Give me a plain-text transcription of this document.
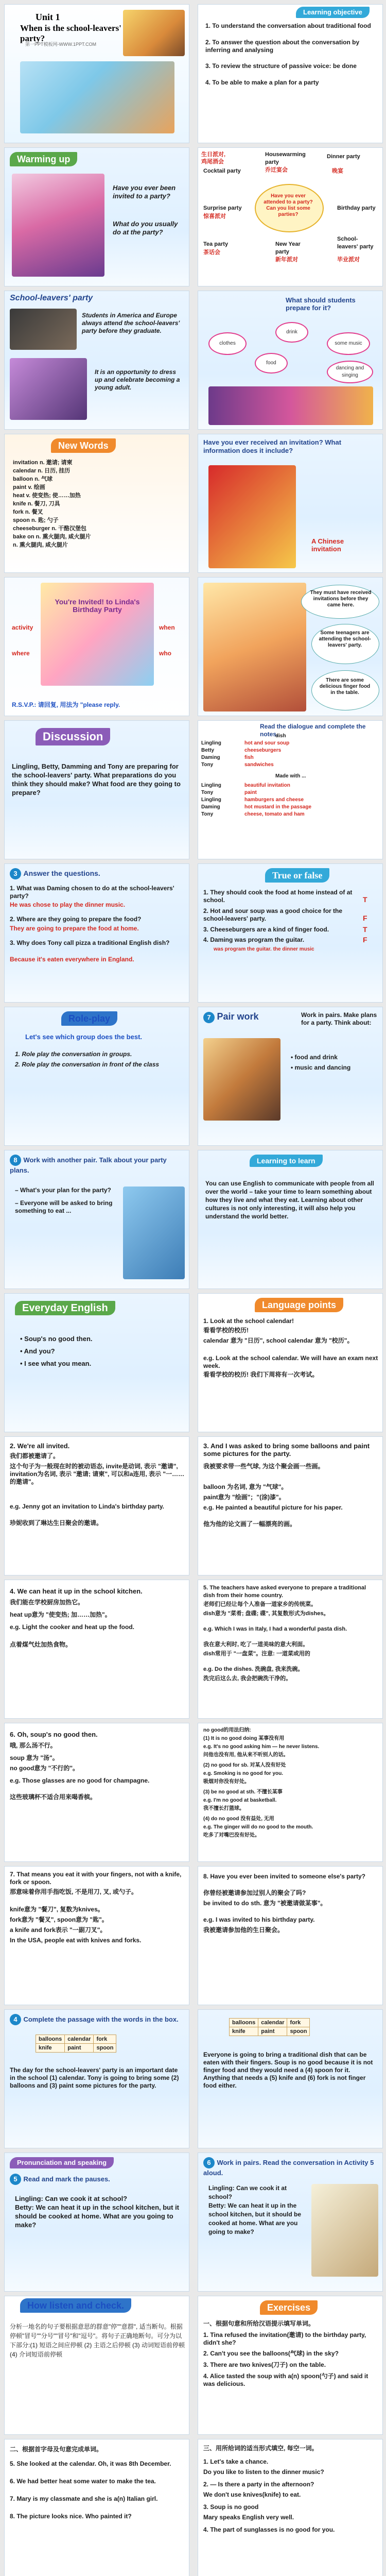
Unit 1
When is the school-leavers' party?
第一PPT模板网-WWW.1PPT.COM
Learning objective
1. To understand the conversation about traditional food
2. To answer the question about the conversation by inferring and analysing
3. To review the structure of passive voice: be done
4. To be able to make a plan for a party
Warming up
Have you ever been invited to a party?
What do you usually do at the party?
生日派对,
鸡尾酒会
Housewarming party
乔迁宴会
Dinner party
晚宴
Cocktail party
Have you ever attended to a party? Can you list some parties?
Surprise party
惊喜派对
Birthday party
Tea party
茶话会
New Year party
新年派对
School-leavers' party
毕业派对
School-leavers' party
Students in America and Europe always attend the school-leavers' party before they graduate.
It is an opportunity to dress up and celebrate becoming a young adult.
What should students prepare for it?
clothes
drink
some music
food
dancing and singing
New Words
invitation n. 邀请; 请柬
calendar n. 日历, 挂历
balloon n. 气球
paint v. 绘画
heat v. 使变热; 使……加热
knife n. 餐刀, 刀具
fork n. 餐叉
spoon n. 匙; 勺子
cheeseburger n. 干酪汉堡包
bake on n. 熏火腿肉, 咸火腿片
n. 熏火腿肉, 咸火腿片
Have you ever received an invitation? What information does it include?
A Chinese invitation
You're Invited! to Linda's Birthday Party
activity
where
when
who
R.S.V.P.: 请回复, 用法为 "please reply.
They must have received invitations before they came here.
Some teenagers are attending the school-leavers' party.
There are some delicious finger food in the table.
Discussion
Lingling, Betty, Damming and Tony are preparing for the school-leavers' party. What preparations do you think they should make? What food are they going to prepare?
Read the dialogue and complete the notes.
dish
Lingling	hot and sour soup
Betty	cheeseburgers
Daming	fish
Tony	sandwiches
Made with ...
Lingling	beautiful invitation
Tony	paint
Lingling	hamburgers and cheese
Daming	hot mustard in the passage
Tony	cheese, tomato and ham
3 Answer the questions.
1. What was Daming chosen to do at the school-leavers' party?
He was chose to play the dinner music.
2. Where are they going to prepare the food?
They are going to prepare the food at home.
3. Why does Tony call pizza a traditional English dish?
Because it's eaten everywhere in England.
True or false
1. They should cook the food at home instead of at school.	T
2. Hot and sour soup was a good choice for the school-leavers' party.	F
3. Cheeseburgers are a kind of finger food.	T
4. Daming was program the guitar.	F
was program the guitar. the dinner music
Role-play
Let's see which group does the best.
1. Role play the conversation in groups.
2. Role play the conversation in front of the class
7 Pair work	Work in pairs. Make plans for a party. Think about:
• food and drink
• music and dancing
8 Work with another pair. Talk about your party plans.
– What's your plan for the party?
– Everyone will be asked to bring something to eat ...
Learning to learn
You can use English to communicate with people from all over the world – take your time to learn something about how they live and what they eat. Learning about other cultures is not only interesting, it will also help you understand the world better.
Everyday English
• Soup's no good then.
• And you?
• I see what you mean.
Language points
1. Look at the school calendar!
看看学校的校历!
calendar 意为 "日历", school calendar 意为 "校历"。
e.g. Look at the school calendar. We will have an exam next week.
看看学校的校历! 我们下周将有一次考试。
2. We're all invited.
我们都被邀请了。
这个句子为一般现在时的被动语态, invite是动词, 表示 "邀请", invitation为名词, 表示 "邀请; 请柬", 可以和a连用, 表示 "一……的邀请"。
e.g. Jenny got an invitation to Linda's birthday party.
珍妮收到了琳达生日聚会的邀请。
3. And I was asked to bring some balloons and paint some pictures for the party.
我被要求带一些气球, 为这个聚会画一些画。
balloon 为名词, 意为 "气球"。
paint意为 "绘画"；"(涂)漆"。
e.g. He painted a beautiful picture for his paper.
他为他的论文画了一幅漂亮的画。
4. We can heat it up in the school kitchen.
我们能在学校厨房加热它。
heat up意为 "使变热; 加……加热"。
e.g. Light the cooker and heat up the food.
点着煤气灶加热食物。
5. The teachers have asked everyone to prepare a traditional dish from their home country.
老师们已经让每个人准备一道家乡的传统菜。
dish意为 "菜肴; 盘碟; 碟", 其复数形式为dishes。
e.g. Which I was in Italy, I had a wonderful pasta dish.
我在意大利时, 吃了一道美味的意大利面。
dish常用于 "一盘菜"。注意: 一道菜或用的
e.g. Do the dishes. 洗碗盘, 我来洗碗。
洗完后这么去, 我会把碗洗干净的。
6. Oh, soup's no good then.
哦, 那么汤不行。
soup 意为 "汤"。
no good意为 "不行的"。
e.g. Those glasses are no good for champagne.
这些玻璃杯不适合用来喝香槟。
no good的用法归纳:
(1) It is no good doing 某事没有用
e.g. It's no good asking him — he never listens.
问他也没有用, 他从来不听别人的话。
(2) no good for sb. 对某人没有好处
e.g. Smoking is no good for you.
吸烟对你没有好处。
(3) be no good at sth. 不擅长某事
e.g. I'm no good at basketball.
我不擅长打篮球。
(4) do no good 没有益处, 无用
e.g. The ginger will do no good to the mouth.
吃多了对嘴巴没有好处。
7. That means you eat it with your fingers, not with a knife, fork or spoon.
那意味着你用手指吃饭, 不是用刀, 叉, 或勺子。
knife意为 "餐刀", 复数为knives。
fork意为 "餐叉", spoon意为 "匙"。
a knife and fork表示 "一副刀叉"。
In the USA, people eat with knives and forks.
8. Have you ever been invited to someone else's party?
你曾经被邀请参加过别人的聚会了吗?
be invited to do sth. 意为 "被邀请做某事"。
e.g. I was invited to his birthday party.
我被邀请参加他的生日聚会。
4 Complete the passage with the words in the box.
balloons	calendar	fork
knife	paint	spoon
The day for the school-leavers' party is an important date in the school (1) calendar. Tony is going to bring some (2) balloons and (3) paint some pictures for the party.
balloons	calendar	fork
knife	paint	spoon
Everyone is going to bring a traditional dish that can be eaten with their fingers. Soup is no good because it is not finger food and they would need a (4) spoon for it. Anything that needs a (5) knife and (6) fork is not finger food either.
Pronunciation and speaking
5 Read and mark the pauses.
Lingling: Can we cook it at school?
Betty: We can heat it up in the school kitchen, but it should be cooked at home. What are you going to make?
6 Work in pairs. Read the conversation in Activity 5 aloud.
Lingling: Can we cook it at school?
Betty: We can heat it up in the school kitchen, but it should be cooked at home. What are you going to make?
How listen and check.
分析一地名的句子要根据意思的群意"停""意群", 适当断句。根据停顿"冒号""分号""冒号"和"逗号"。将句子正确地断句。可分为以下部分:(1) 短语之间应停顿 (2) 主语之后停顿 (3) 动词短语前停顿 (4) 介词短语前停顿
Exercises
一、根据句意和所给汉语提示填写单词。
1. Tina refused the invitation(邀请) to the birthday party, didn't she?
2. Can't you see the balloons(气球) in the sky?
3. There are two knives(刀子) on the table.
4. Alice tasted the soup with a(n) spoon(勺子) and said it was delicious.
二、根据首字母及句意完成单词。
5. She looked at the calendar. Oh, it was 8th December.
6. We had better heat some water to make the tea.
7. Mary is my classmate and she is a(n) Italian girl.
8. The picture looks nice. Who painted it?
三、用所给词的适当形式填空, 每空一词。
1. Let's take a chance.
Do you like to listen to the dinner music?
2. — Is there a party in the afternoon?
We don't use knives(knife) to eat.
3. Soup is no good
Mary speaks English very well.
4. The part of sunglasses is no good for you.
